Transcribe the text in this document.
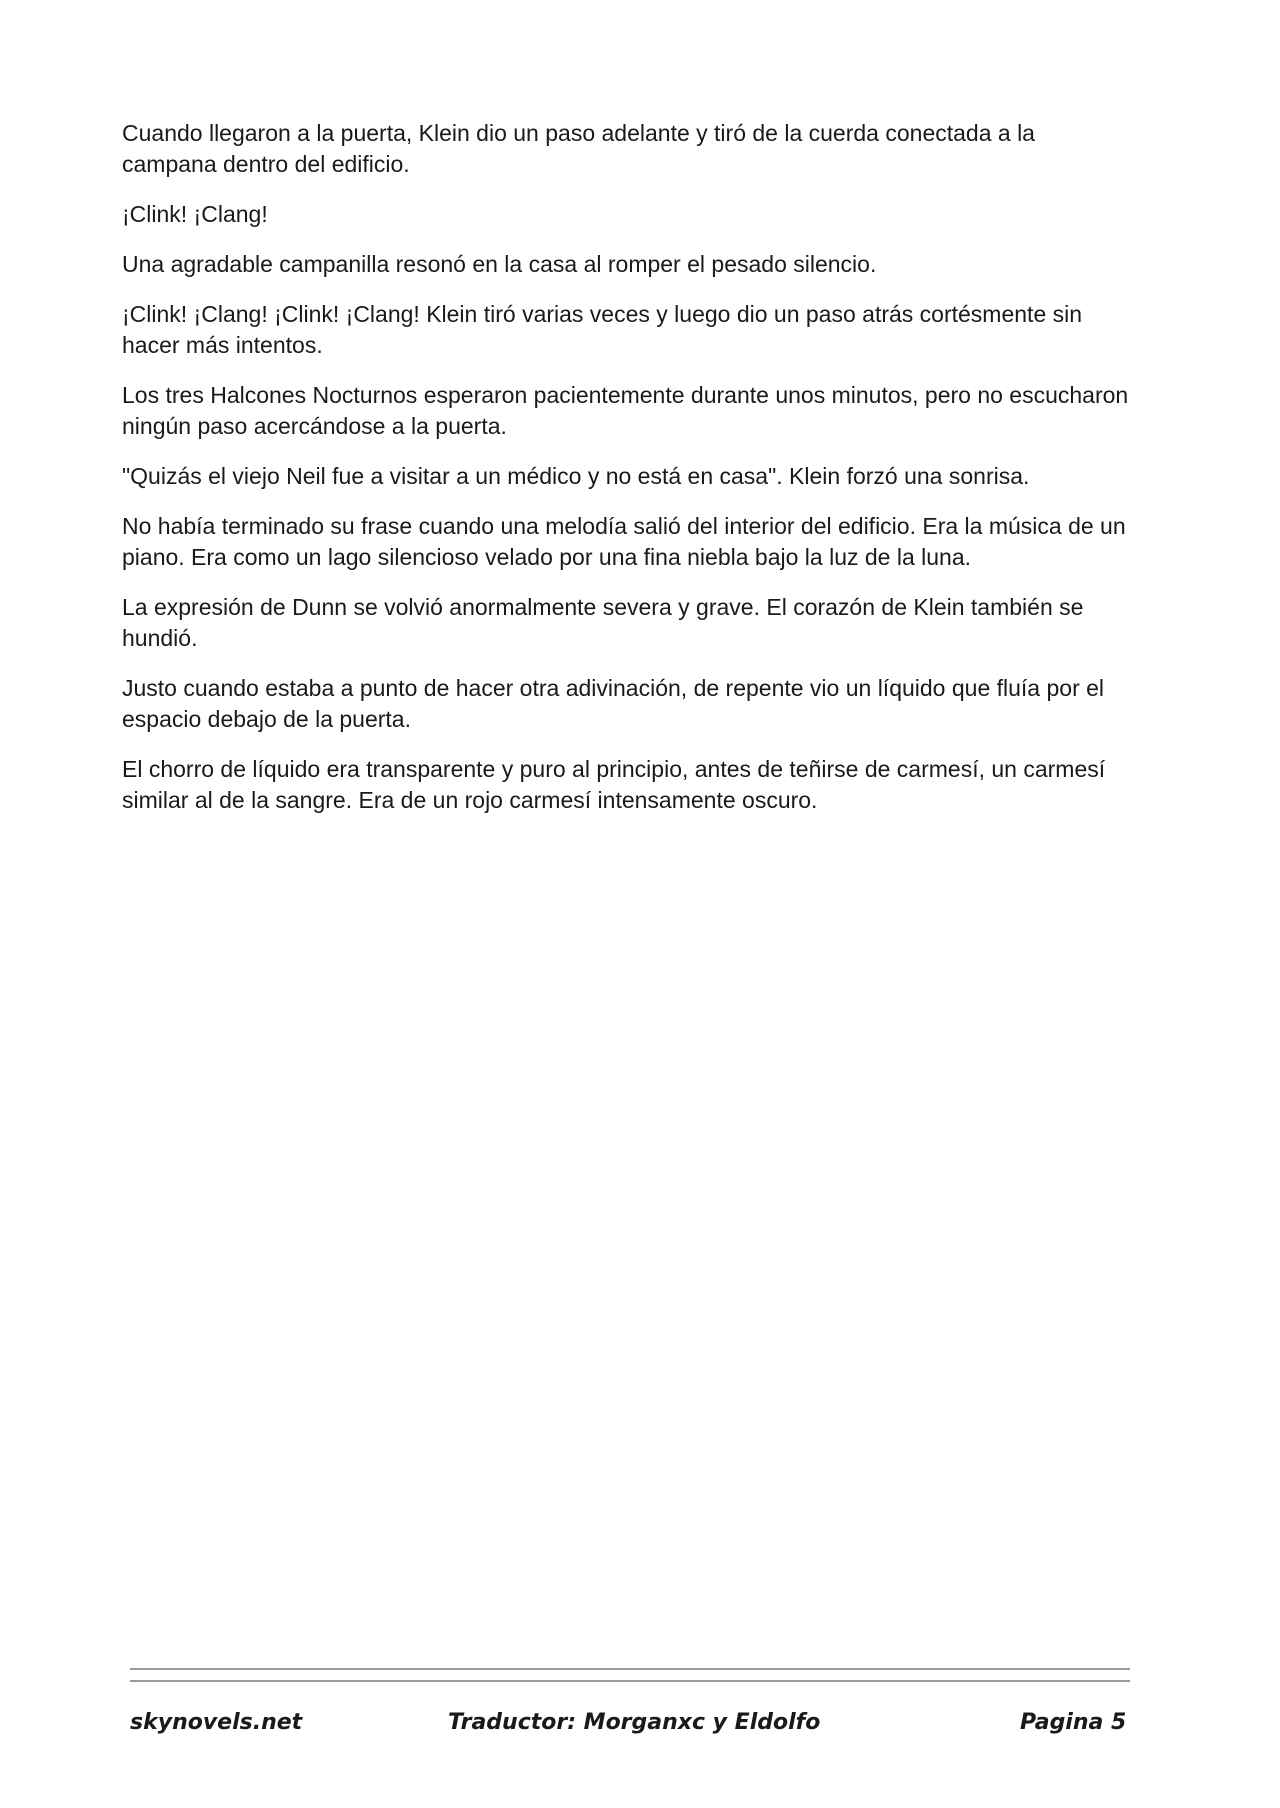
Cuando llegaron a la puerta, Klein dio un paso adelante y tiró de la cuerda conectada a la campana dentro del edificio.

¡Clink! ¡Clang!

Una agradable campanilla resonó en la casa al romper el pesado silencio.

¡Clink! ¡Clang! ¡Clink! ¡Clang! Klein tiró varias veces y luego dio un paso atrás cortésmente sin hacer más intentos.

Los tres Halcones Nocturnos esperaron pacientemente durante unos minutos, pero no escucharon ningún paso acercándose a la puerta.

"Quizás el viejo Neil fue a visitar a un médico y no está en casa". Klein forzó una sonrisa.

No había terminado su frase cuando una melodía salió del interior del edificio. Era la música de un piano. Era como un lago silencioso velado por una fina niebla bajo la luz de la luna.

La expresión de Dunn se volvió anormalmente severa y grave. El corazón de Klein también se hundió.

Justo cuando estaba a punto de hacer otra adivinación, de repente vio un líquido que fluía por el espacio debajo de la puerta.

El chorro de líquido era transparente y puro al principio, antes de teñirse de carmesí, un carmesí similar al de la sangre. Era de un rojo carmesí intensamente oscuro.

skynovels.net	Traductor: Morganxc y Eldolfo	Pagina 5
